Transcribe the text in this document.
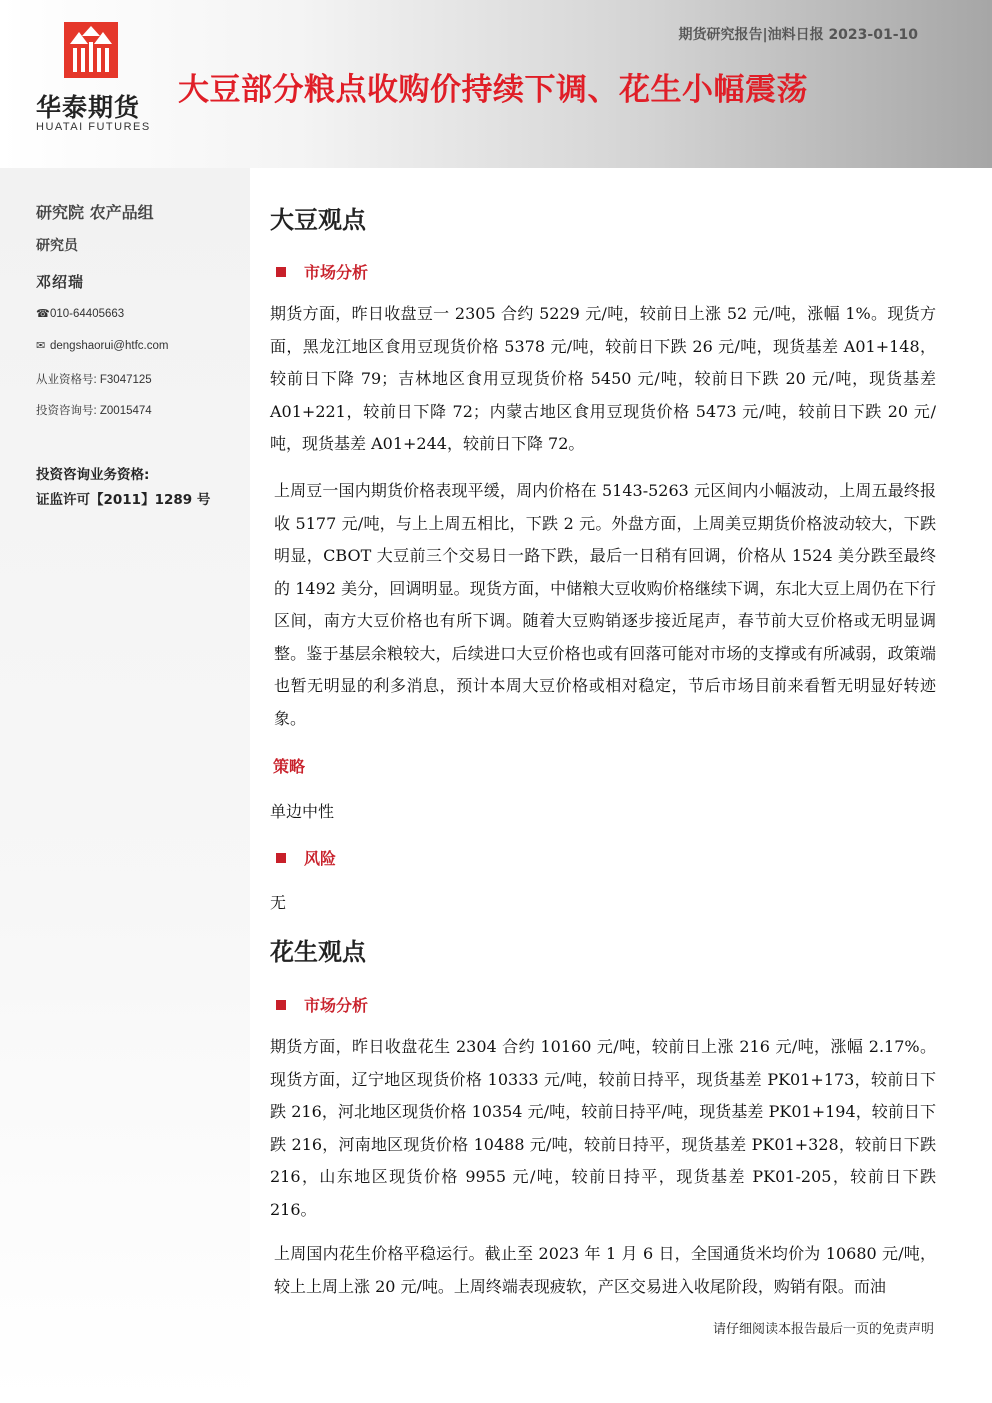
华泰期货
HUATAI FUTURES
期货研究报告|油料日报 2023-01-10
大豆部分粮点收购价持续下调、花生小幅震荡
研究院 农产品组
研究员
邓绍瑞
☎010-64405663
✉ dengshaorui@htfc.com
从业资格号: F3047125
投资咨询号: Z0015474
投资咨询业务资格:
证监许可【2011】1289 号
大豆观点
市场分析

期货方面，昨日收盘豆一 2305 合约 5229 元/吨，较前日上涨 52 元/吨，涨幅 1%。现货方面，黑龙江地区食用豆现货价格 5378 元/吨，较前日下跌 26 元/吨，现货基差 A01+148，较前日下降 79；吉林地区食用豆现货价格 5450 元/吨，较前日下跌 20 元/吨，现货基差 A01+221，较前日下降 72；内蒙古地区食用豆现货价格 5473 元/吨，较前日下跌 20 元/吨，现货基差 A01+244，较前日下降 72。

上周豆一国内期货价格表现平缓，周内价格在 5143-5263 元区间内小幅波动，上周五最终报收 5177 元/吨，与上上周五相比，下跌 2 元。外盘方面，上周美豆期货价格波动较大，下跌明显，CBOT 大豆前三个交易日一路下跌，最后一日稍有回调，价格从 1524 美分跌至最终的 1492 美分，回调明显。现货方面，中储粮大豆收购价格继续下调，东北大豆上周仍在下行区间，南方大豆价格也有所下调。随着大豆购销逐步接近尾声，春节前大豆价格或无明显调整。鉴于基层余粮较大，后续进口大豆价格也或有回落可能对市场的支撑或有所减弱，政策端也暂无明显的利多消息，预计本周大豆价格或相对稳定，节后市场目前来看暂无明显好转迹象。

策略
单边中性
风险
无
花生观点
市场分析

期货方面，昨日收盘花生 2304 合约 10160 元/吨，较前日上涨 216 元/吨，涨幅 2.17%。现货方面，辽宁地区现货价格 10333 元/吨，较前日持平，现货基差 PK01+173，较前日下跌 216，河北地区现货价格 10354 元/吨，较前日持平/吨，现货基差 PK01+194，较前日下跌 216，河南地区现货价格 10488 元/吨，较前日持平，现货基差 PK01+328，较前日下跌 216，山东地区现货价格 9955 元/吨，较前日持平，现货基差 PK01-205，较前日下跌 216。

上周国内花生价格平稳运行。截止至 2023 年 1 月 6 日，全国通货米均价为 10680 元/吨，较上上周上涨 20 元/吨。上周终端表现疲软，产区交易进入收尾阶段，购销有限。而油

请仔细阅读本报告最后一页的免责声明
